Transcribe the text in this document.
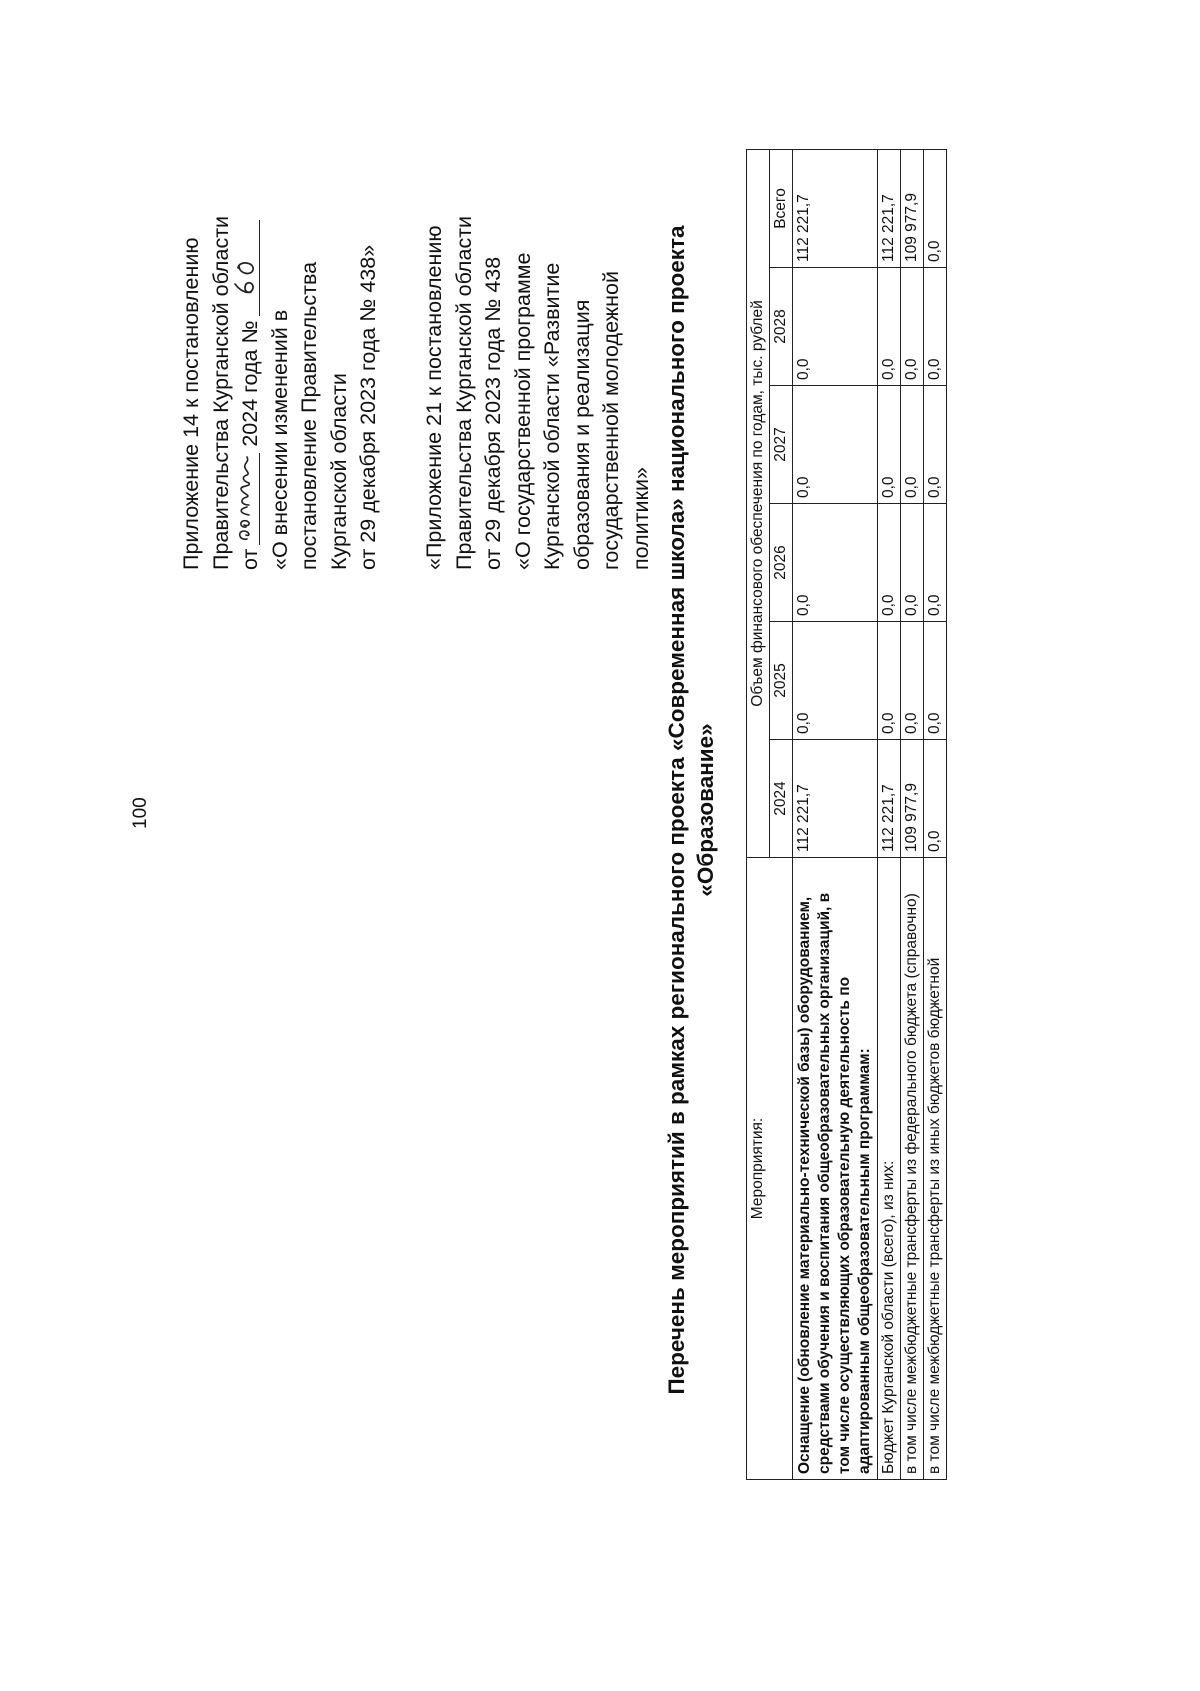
100
Приложение 14 к постановлению Правительства Курганской области от
2024 года № «О внесении изменений в постановление Правительства Курганской области от 29 декабря 2023 года № 438» «Приложение 21 к постановлению Правительства Курганской области от 29 декабря 2023 года № 438 «О государственной программе Курганской области «Развитие образования и реализация государственной молодежной политики» Перечень мероприятий в рамках регионального проекта «Современная школа» национального проекта «Образование»
Мероприятия:	Объем финансового обеспечения по годам, тыс. рублей					
	2024	2025	2026	2027	2028	Всего
Оснащение (обновление материально-технической базы) оборудованием, средствами обучения и воспитания общеобразовательных организаций, в том числе осуществляющих образовательную деятельность по адаптированным общеобразовательным программам:	112 221,7	0,0	0,0	0,0	0,0	112 221,7
Бюджет Курганской области (всего), из них:	112 221,7	0,0	0,0	0,0	0,0	112 221,7
в том числе межбюджетные трансферты из федерального бюджета (справочно)	109 977,9	0,0	0,0	0,0	0,0	109 977,9
в том числе межбюджетные трансферты из иных бюджетов бюджетной	0,0	0,0	0,0	0,0	0,0	0,0
